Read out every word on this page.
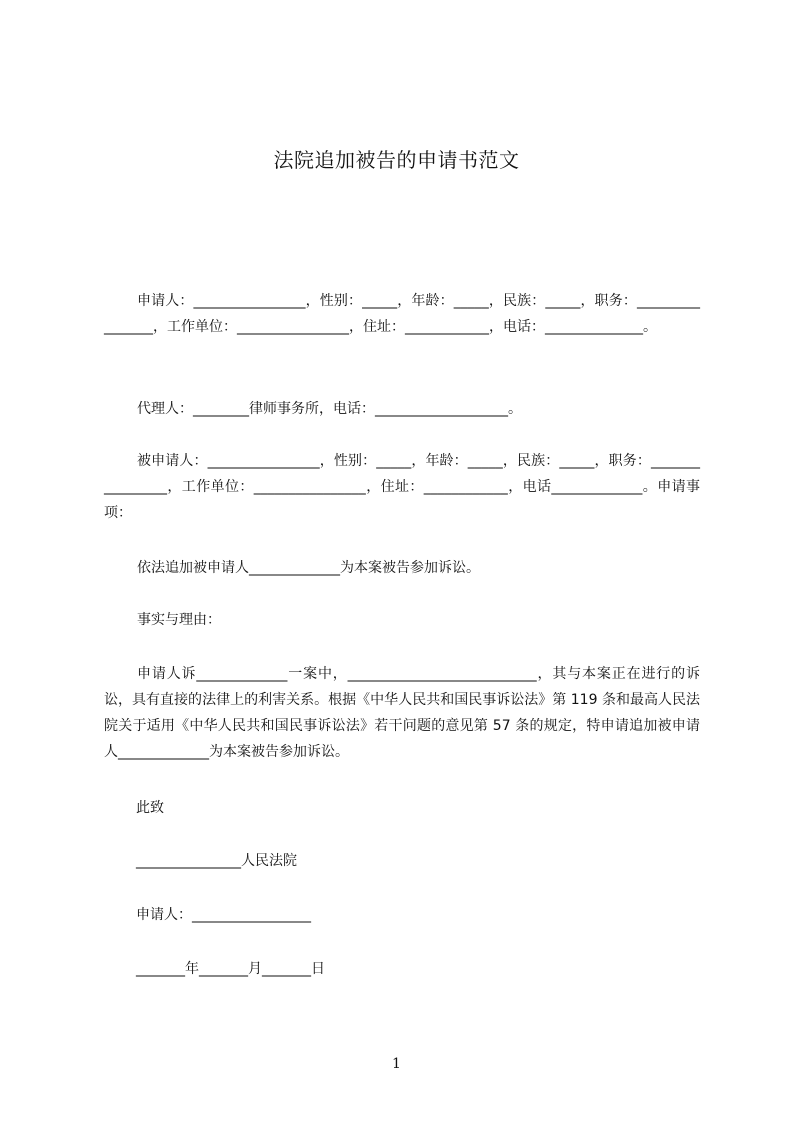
法院追加被告的申请书范文
申请人：________________，性别：_____，年龄：_____，民族：_____，职务：________________，工作单位：________________，住址：____________，电话：______________。
代理人：________律师事务所，电话：___________________。
被申请人：________________，性别：_____，年龄：_____，民族：_____，职务：________________，工作单位：________________，住址：____________，电话_____________。申请事项：
依法追加被申请人_____________为本案被告参加诉讼。
事实与理由：
申请人诉_____________一案中，___________________________，其与本案正在进行的诉讼，具有直接的法律上的利害关系。根据《中华人民共和国民事诉讼法》第 119 条和最高人民法院关于适用《中华人民共和国民事诉讼法》若干问题的意见第 57 条的规定，特申请追加被申请人_____________为本案被告参加诉讼。
此致
_______________人民法院
申请人：_________________
_______年_______月_______日
1
